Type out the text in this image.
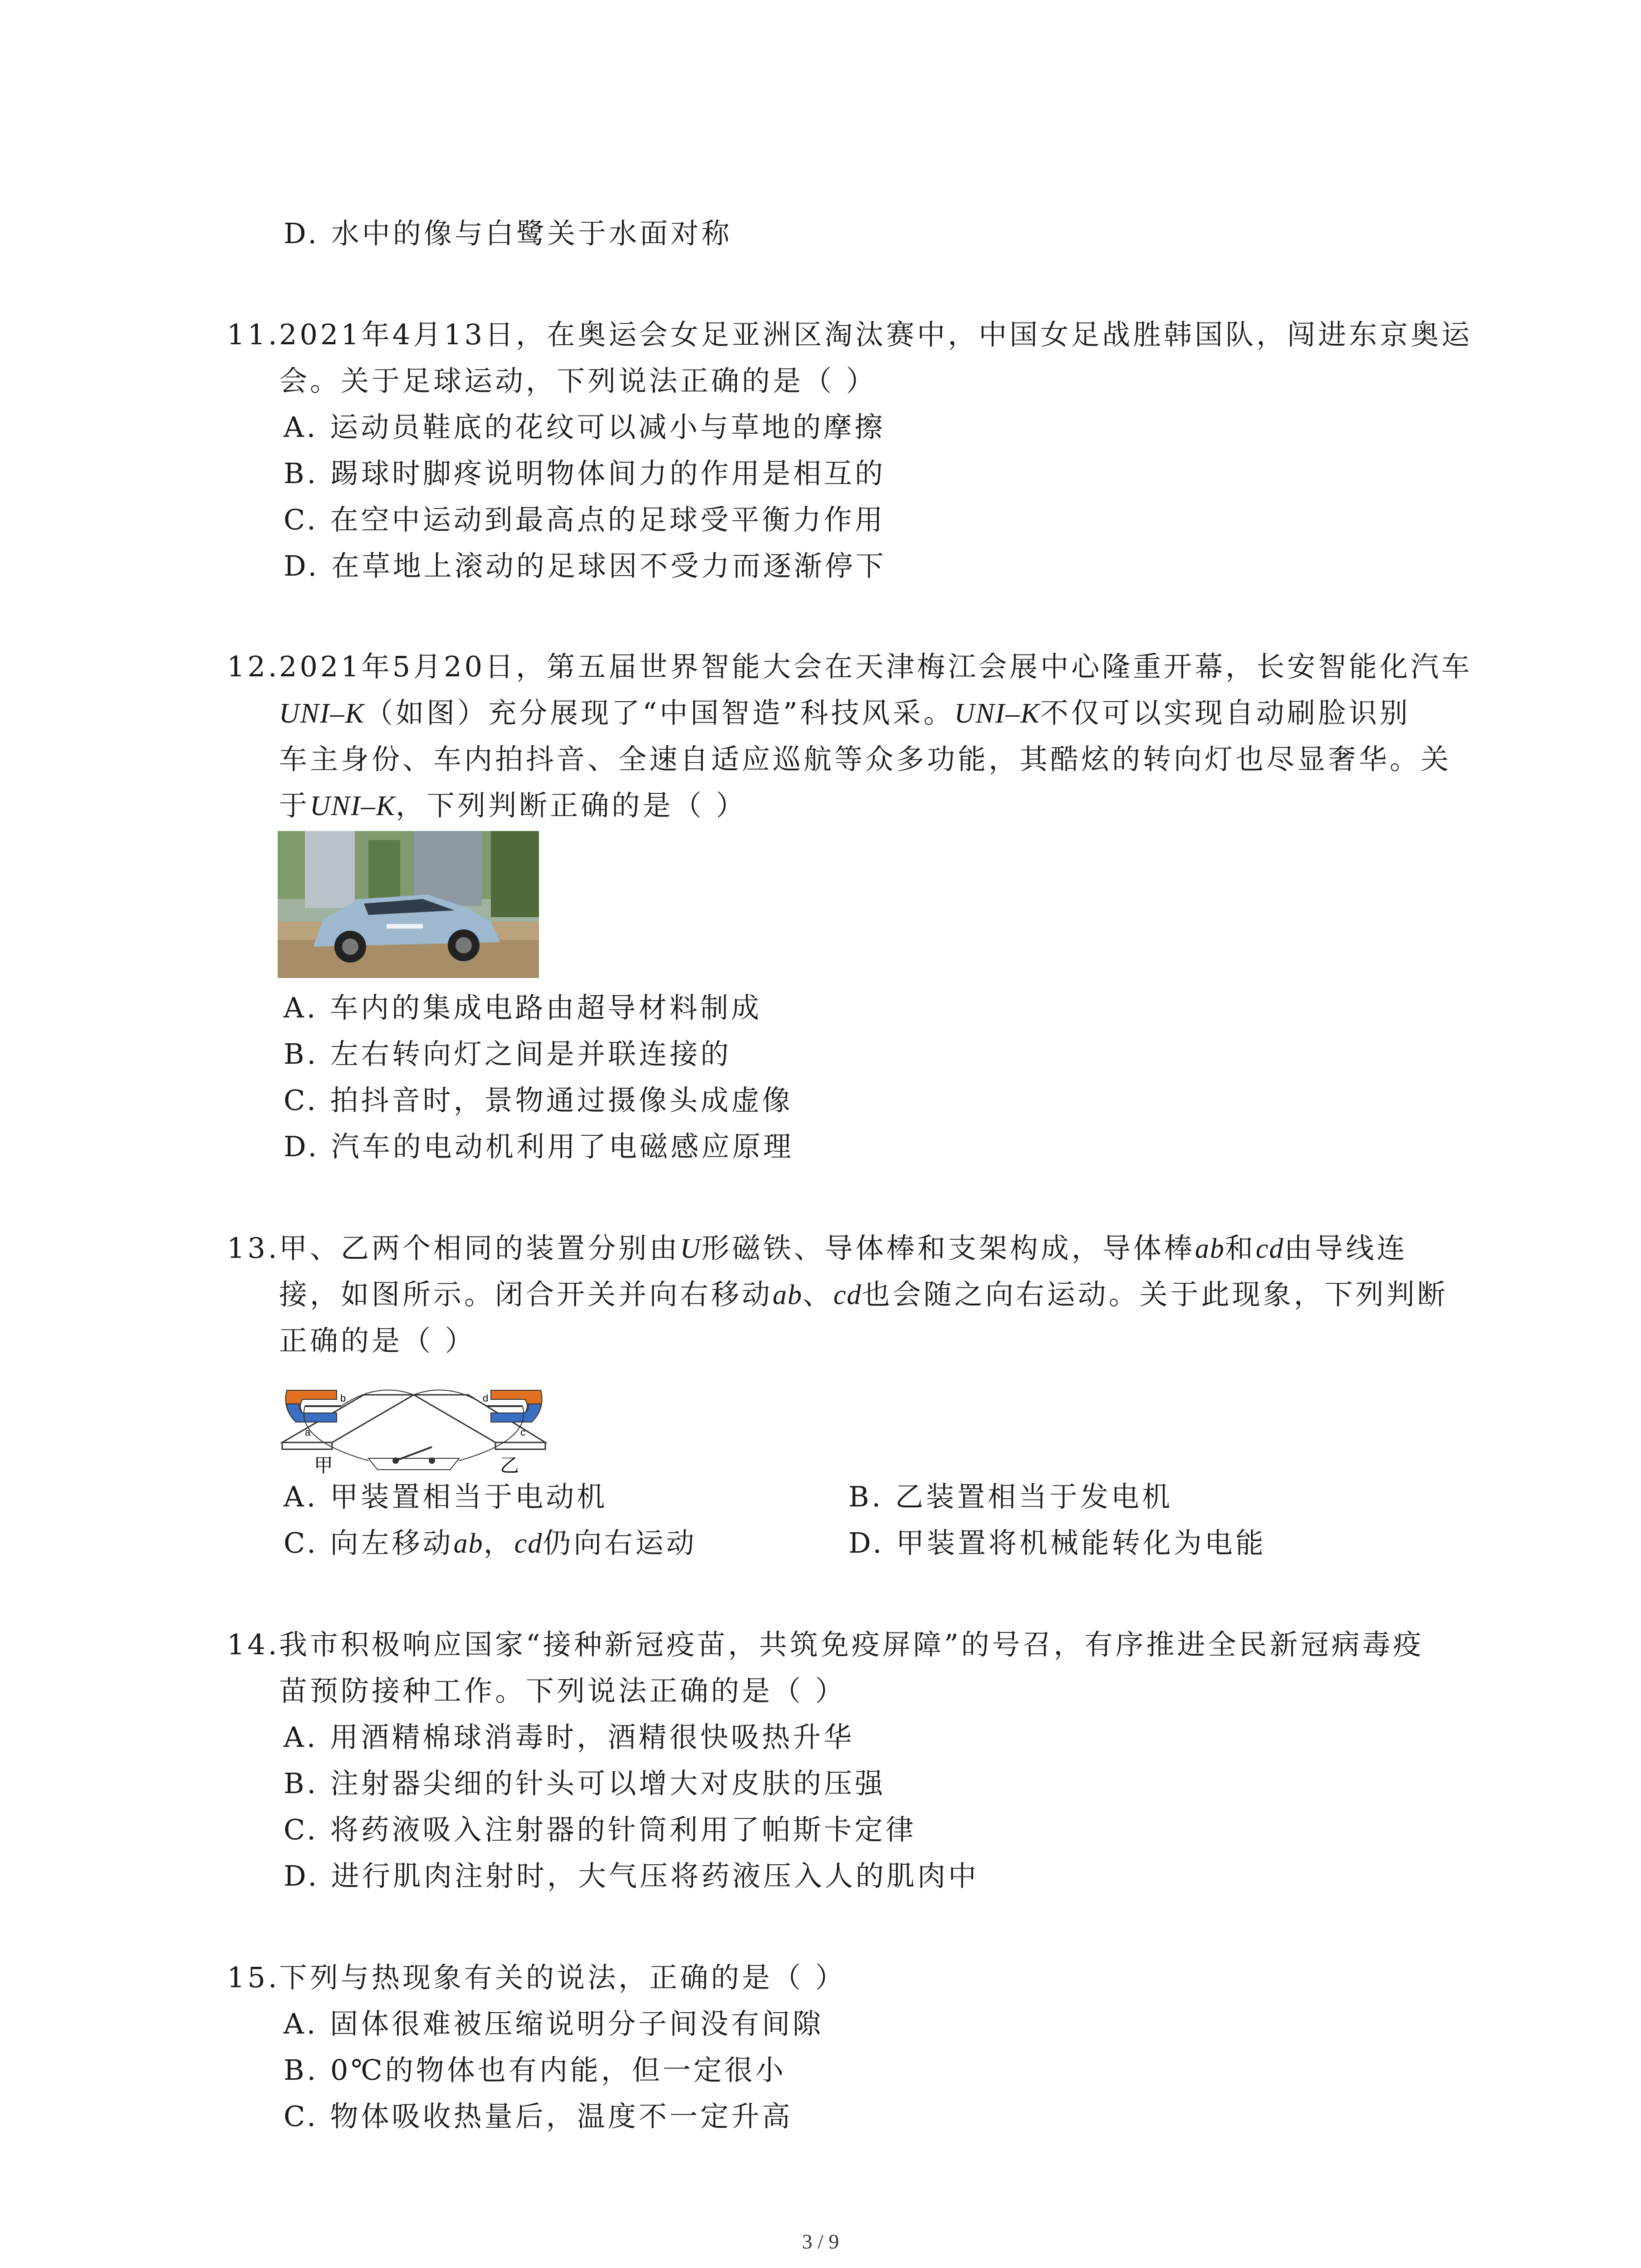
D. 水中的像与白鹭关于水面对称
11.
2021年4月13日，在奥运会女足亚洲区淘汰赛中，中国女足战胜韩国队，闯进东京奥运
会。关于足球运动，下列说法正确的是（ ）
A. 运动员鞋底的花纹可以减小与草地的摩擦
B. 踢球时脚疼说明物体间力的作用是相互的
C. 在空中运动到最高点的足球受平衡力作用
D. 在草地上滚动的足球因不受力而逐渐停下
12.
2021年5月20日，第五届世界智能大会在天津梅江会展中心隆重开幕，长安智能化汽车
UNI–K（如图）充分展现了“中国智造”科技风采。UNI–K不仅可以实现自动刷脸识别
车主身份、车内拍抖音、全速自适应巡航等众多功能，其酷炫的转向灯也尽显奢华。关
于UNI–K，下列判断正确的是（ ）
A. 车内的集成电路由超导材料制成
B. 左右转向灯之间是并联连接的
C. 拍抖音时，景物通过摄像头成虚像
D. 汽车的电动机利用了电磁感应原理
13.
甲、乙两个相同的装置分别由U形磁铁、导体棒和支架构成，导体棒ab和cd由导线连
接，如图所示。闭合开关并向右移动ab、cd也会随之向右运动。关于此现象，下列判断
正确的是（ ）
b
a
d
c
甲	乙
A. 甲装置相当于电动机	B. 乙装置相当于发电机
C. 向左移动ab，cd仍向右运动	D. 甲装置将机械能转化为电能
14.
我市积极响应国家“接种新冠疫苗，共筑免疫屏障”的号召，有序推进全民新冠病毒疫
苗预防接种工作。下列说法正确的是（ ）
A. 用酒精棉球消毒时，酒精很快吸热升华
B. 注射器尖细的针头可以增大对皮肤的压强
C. 将药液吸入注射器的针筒利用了帕斯卡定律
D. 进行肌肉注射时，大气压将药液压入人的肌肉中
15.
下列与热现象有关的说法，正确的是（ ）
A. 固体很难被压缩说明分子间没有间隙
B. 0℃的物体也有内能，但一定很小
C. 物体吸收热量后，温度不一定升高
3 / 9
